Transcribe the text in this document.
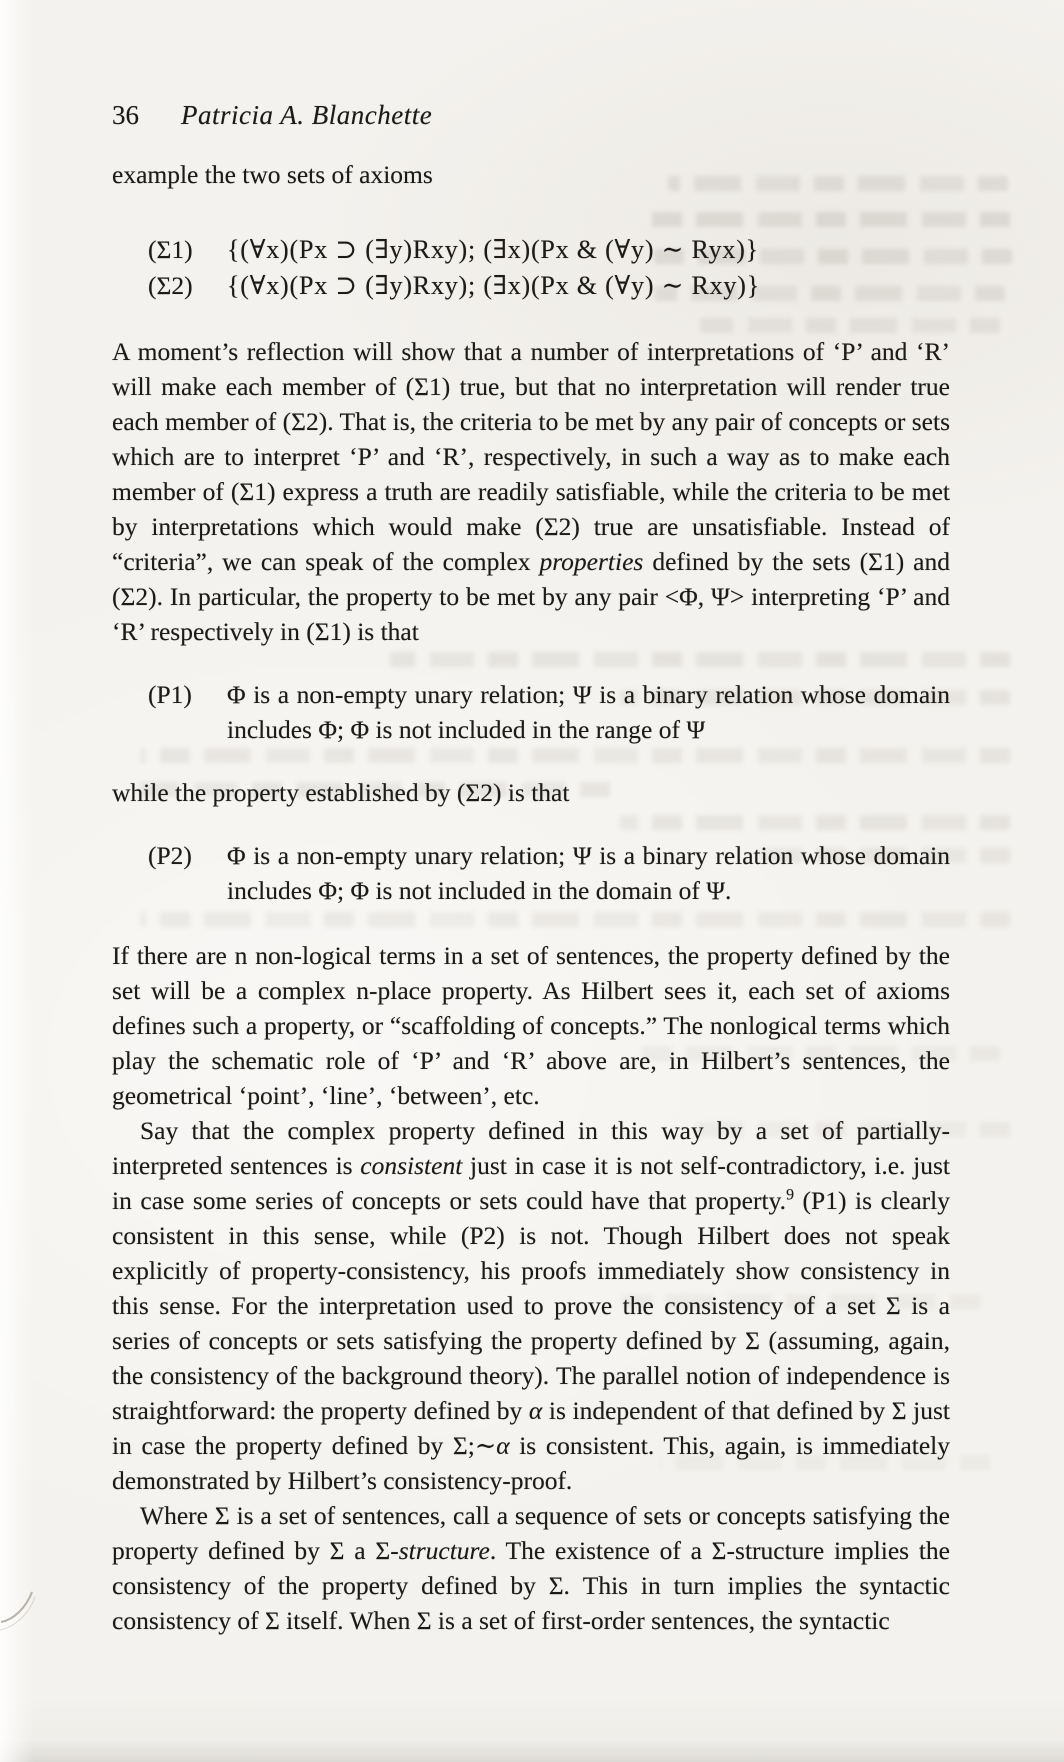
36 Patricia A. Blanchette

example the two sets of axioms

(Σ1)	{(∀x)(Px ⊃ (∃y)Rxy); (∃x)(Px & (∀y) ∼ Ryx)}
(Σ2)	{(∀x)(Px ⊃ (∃y)Rxy); (∃x)(Px & (∀y) ∼ Rxy)}

A moment’s reflection will show that a number of interpretations of ‘P’ and ‘R’ will make each member of (Σ1) true, but that no interpretation will render true each member of (Σ2). That is, the criteria to be met by any pair of concepts or sets which are to interpret ‘P’ and ‘R’, respectively, in such a way as to make each member of (Σ1) express a truth are readily satisfiable, while the criteria to be met by interpretations which would make (Σ2) true are unsatisfiable. Instead of “criteria”, we can speak of the complex properties defined by the sets (Σ1) and (Σ2). In particular, the property to be met by any pair <Φ, Ψ> interpreting ‘P’ and ‘R’ respectively in (Σ1) is that

(P1)	Φ is a non-empty unary relation; Ψ is a binary relation whose domain includes Φ; Φ is not included in the range of Ψ

while the property established by (Σ2) is that

(P2)	Φ is a non-empty unary relation; Ψ is a binary relation whose domain includes Φ; Φ is not included in the domain of Ψ.

If there are n non-logical terms in a set of sentences, the property defined by the set will be a complex n-place property. As Hilbert sees it, each set of axioms defines such a property, or “scaffolding of concepts.” The nonlogical terms which play the schematic role of ‘P’ and ‘R’ above are, in Hilbert’s sentences, the geometrical ‘point’, ‘line’, ‘between’, etc.

Say that the complex property defined in this way by a set of partially-interpreted sentences is consistent just in case it is not self-contradictory, i.e. just in case some series of concepts or sets could have that property.$^9$ (P1) is clearly consistent in this sense, while (P2) is not. Though Hilbert does not speak explicitly of property-consistency, his proofs immediately show consistency in this sense. For the interpretation used to prove the consistency of a set Σ is a series of concepts or sets satisfying the property defined by Σ (assuming, again, the consistency of the background theory). The parallel notion of independence is straightforward: the property defined by α is independent of that defined by Σ just in case the property defined by Σ;∼α is consistent. This, again, is immediately demonstrated by Hilbert’s consistency-proof.

Where Σ is a set of sentences, call a sequence of sets or concepts satisfying the property defined by Σ a Σ-structure. The existence of a Σ-structure implies the consistency of the property defined by Σ. This in turn implies the syntactic consistency of Σ itself. When Σ is a set of first-order sentences, the syntactic
